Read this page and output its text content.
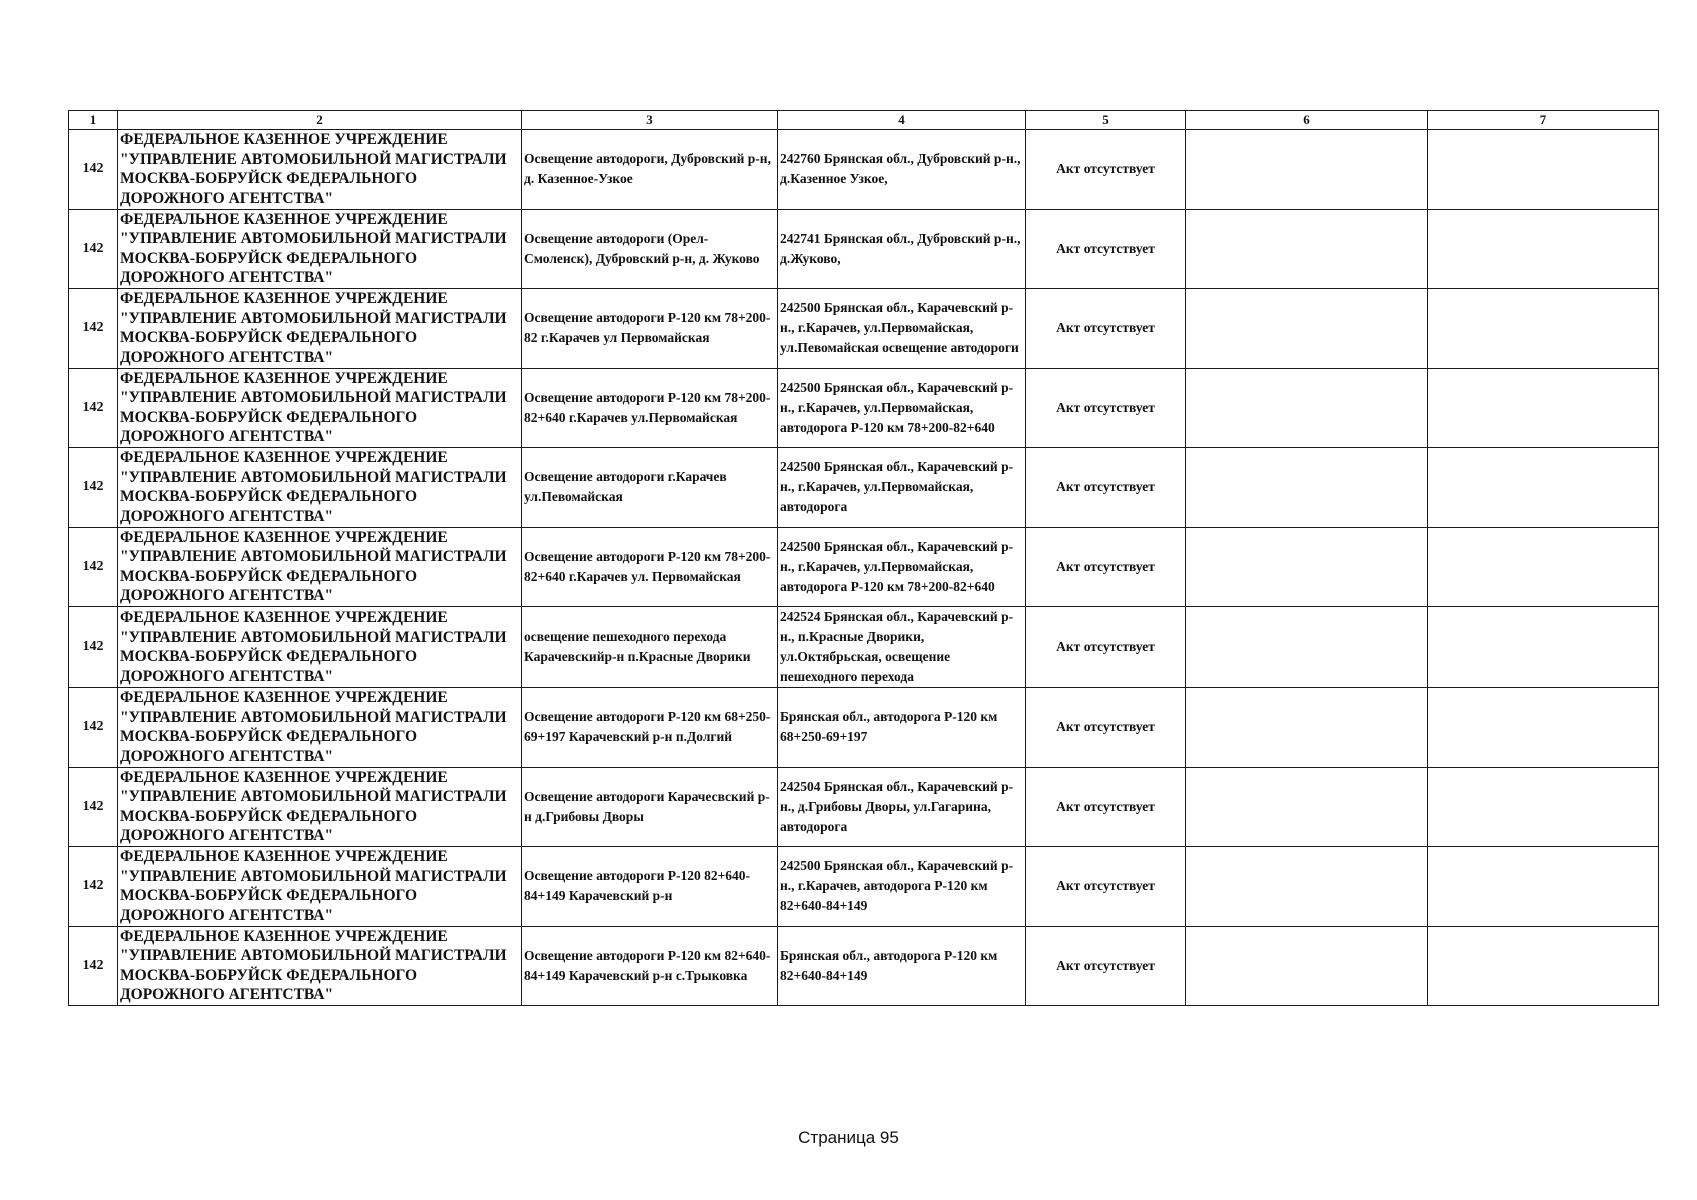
1	2	3	4	5	6	7
142	ФЕДЕРАЛЬНОЕ КАЗЕННОЕ УЧРЕЖДЕНИЕ "УПРАВЛЕНИЕ АВТОМОБИЛЬНОЙ МАГИСТРАЛИ МОСКВА-БОБРУЙСК ФЕДЕРАЛЬНОГО ДОРОЖНОГО АГЕНТСТВА"	Освещение автодороги, Дубровский р-н, д. Казенное-Узкое	242760 Брянская обл., Дубровский р-н., д.Казенное Узкое,	Акт отсутствует		
142	ФЕДЕРАЛЬНОЕ КАЗЕННОЕ УЧРЕЖДЕНИЕ "УПРАВЛЕНИЕ АВТОМОБИЛЬНОЙ МАГИСТРАЛИ МОСКВА-БОБРУЙСК ФЕДЕРАЛЬНОГО ДОРОЖНОГО АГЕНТСТВА"	Освещение автодороги (Орел-Смоленск), Дубровский р-н, д. Жуково	242741 Брянская обл., Дубровский р-н., д.Жуково,	Акт отсутствует		
142	ФЕДЕРАЛЬНОЕ КАЗЕННОЕ УЧРЕЖДЕНИЕ "УПРАВЛЕНИЕ АВТОМОБИЛЬНОЙ МАГИСТРАЛИ МОСКВА-БОБРУЙСК ФЕДЕРАЛЬНОГО ДОРОЖНОГО АГЕНТСТВА"	Освещение автодороги Р-120 км 78+200-82 г.Карачев ул Первомайская	242500 Брянская обл., Карачевский р-н., г.Карачев, ул.Первомайская, ул.Певомайская освещение автодороги	Акт отсутствует		
142	ФЕДЕРАЛЬНОЕ КАЗЕННОЕ УЧРЕЖДЕНИЕ "УПРАВЛЕНИЕ АВТОМОБИЛЬНОЙ МАГИСТРАЛИ МОСКВА-БОБРУЙСК ФЕДЕРАЛЬНОГО ДОРОЖНОГО АГЕНТСТВА"	Освещение автодороги Р-120 км 78+200-82+640 г.Карачев ул.Первомайская	242500 Брянская обл., Карачевский р-н., г.Карачев, ул.Первомайская, автодорога Р-120 км 78+200-82+640	Акт отсутствует		
142	ФЕДЕРАЛЬНОЕ КАЗЕННОЕ УЧРЕЖДЕНИЕ "УПРАВЛЕНИЕ АВТОМОБИЛЬНОЙ МАГИСТРАЛИ МОСКВА-БОБРУЙСК ФЕДЕРАЛЬНОГО ДОРОЖНОГО АГЕНТСТВА"	Освещение автодороги г.Карачев ул.Певомайская	242500 Брянская обл., Карачевский р-н., г.Карачев, ул.Первомайская, автодорога	Акт отсутствует		
142	ФЕДЕРАЛЬНОЕ КАЗЕННОЕ УЧРЕЖДЕНИЕ "УПРАВЛЕНИЕ АВТОМОБИЛЬНОЙ МАГИСТРАЛИ МОСКВА-БОБРУЙСК ФЕДЕРАЛЬНОГО ДОРОЖНОГО АГЕНТСТВА"	Освещение автодороги Р-120 км 78+200-82+640 г.Карачев ул. Первомайская	242500 Брянская обл., Карачевский р-н., г.Карачев, ул.Первомайская, автодорога Р-120 км 78+200-82+640	Акт отсутствует		
142	ФЕДЕРАЛЬНОЕ КАЗЕННОЕ УЧРЕЖДЕНИЕ "УПРАВЛЕНИЕ АВТОМОБИЛЬНОЙ МАГИСТРАЛИ МОСКВА-БОБРУЙСК ФЕДЕРАЛЬНОГО ДОРОЖНОГО АГЕНТСТВА"	освещение пешеходного перехода Карачевскийр-н п.Красные Дворики	242524 Брянская обл., Карачевский р-н., п.Красные Дворики, ул.Октябрьская, освещение пешеходного перехода	Акт отсутствует		
142	ФЕДЕРАЛЬНОЕ КАЗЕННОЕ УЧРЕЖДЕНИЕ "УПРАВЛЕНИЕ АВТОМОБИЛЬНОЙ МАГИСТРАЛИ МОСКВА-БОБРУЙСК ФЕДЕРАЛЬНОГО ДОРОЖНОГО АГЕНТСТВА"	Освещение автодороги Р-120 км 68+250-69+197 Карачевский р-н п.Долгий	Брянская обл., автодорога Р-120 км 68+250-69+197	Акт отсутствует		
142	ФЕДЕРАЛЬНОЕ КАЗЕННОЕ УЧРЕЖДЕНИЕ "УПРАВЛЕНИЕ АВТОМОБИЛЬНОЙ МАГИСТРАЛИ МОСКВА-БОБРУЙСК ФЕДЕРАЛЬНОГО ДОРОЖНОГО АГЕНТСТВА"	Освещение автодороги Карачесвский р-н д.Грибовы Дворы	242504 Брянская обл., Карачевский р-н., д.Грибовы Дворы, ул.Гагарина, автодорога	Акт отсутствует		
142	ФЕДЕРАЛЬНОЕ КАЗЕННОЕ УЧРЕЖДЕНИЕ "УПРАВЛЕНИЕ АВТОМОБИЛЬНОЙ МАГИСТРАЛИ МОСКВА-БОБРУЙСК ФЕДЕРАЛЬНОГО ДОРОЖНОГО АГЕНТСТВА"	Освещение автодороги Р-120 82+640-84+149 Карачевский р-н	242500 Брянская обл., Карачевский р-н., г.Карачев, автодорога Р-120 км 82+640-84+149	Акт отсутствует		
142	ФЕДЕРАЛЬНОЕ КАЗЕННОЕ УЧРЕЖДЕНИЕ "УПРАВЛЕНИЕ АВТОМОБИЛЬНОЙ МАГИСТРАЛИ МОСКВА-БОБРУЙСК ФЕДЕРАЛЬНОГО ДОРОЖНОГО АГЕНТСТВА"	Освещение автодороги Р-120 км 82+640-84+149 Карачевский р-н с.Трыковка	Брянская обл., автодорога Р-120 км 82+640-84+149	Акт отсутствует		
Страница 95
